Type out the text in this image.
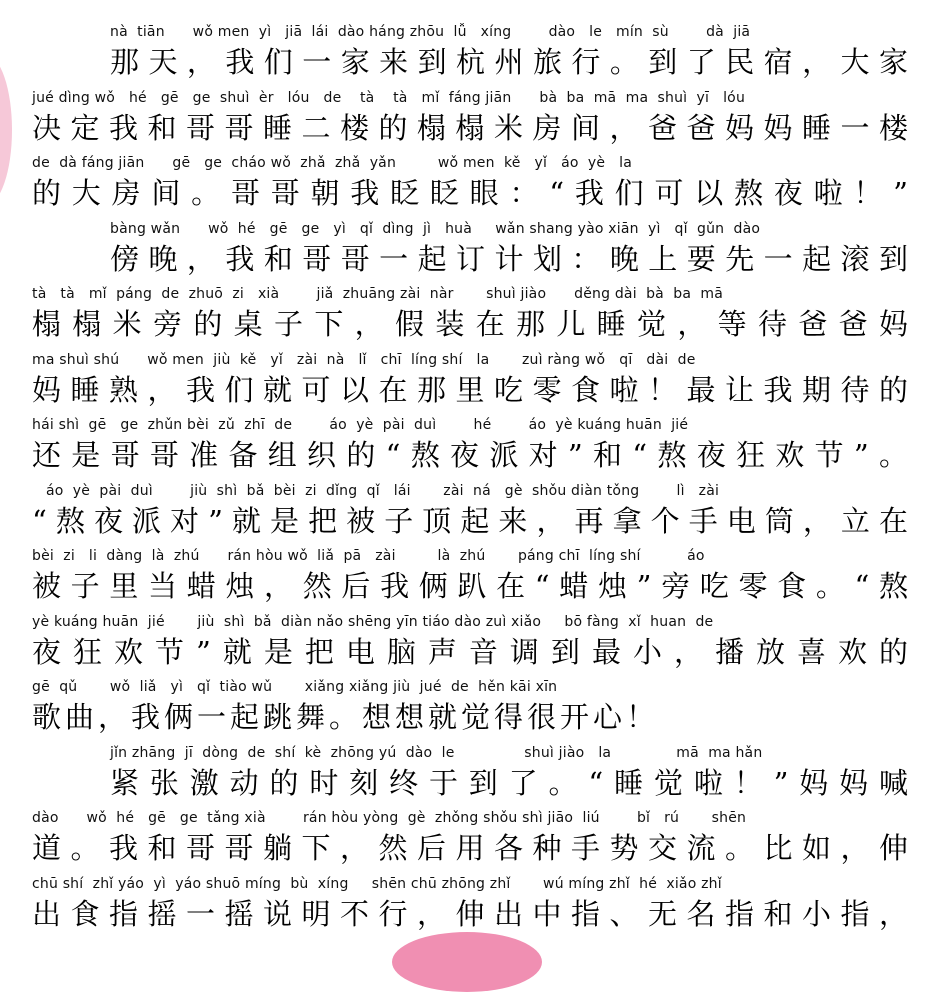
nà  tiān      wǒ men  yì   jiā  lái  dào háng zhōu  lǚ   xíng        dào   le   mín  sù        dà  jiā
那天，我们一家来到杭州旅行。到了民宿，大家
jué dìng wǒ   hé   gē   ge  shuì  èr   lóu   de    tà    tà   mǐ  fáng jiān      bà  ba  mā  ma  shuì  yī   lóu
决定我和哥哥睡二楼的榻榻米房间，爸爸妈妈睡一楼
de  dà fáng jiān      gē   ge  cháo wǒ  zhǎ  zhǎ  yǎn         wǒ men  kě   yǐ   áo  yè   la
的大房间。哥哥朝我眨眨眼：“我们可以熬夜啦！”
bàng wǎn      wǒ  hé   gē   ge   yì   qǐ  dìng  jì   huà     wǎn shang yào xiān  yì   qǐ  gǔn  dào
傍晚，我和哥哥一起订计划：晚上要先一起滚到
tà   tà   mǐ  páng  de  zhuō  zi   xià        jiǎ  zhuāng zài  nàr       shuì jiào      děng dài  bà  ba  mā
榻榻米旁的桌子下，假装在那儿睡觉，等待爸爸妈
ma shuì shú      wǒ men  jiù  kě   yǐ   zài  nà   lǐ   chī  líng shí   la       zuì ràng wǒ   qī   dài  de
妈睡熟，我们就可以在那里吃零食啦！最让我期待的
hái shì  gē   ge  zhǔn bèi  zǔ  zhī  de        áo  yè  pài  duì        hé        áo  yè kuáng huān  jié
还是哥哥准备组织的“熬夜派对”和“熬夜狂欢节”。
áo  yè  pài  duì        jiù  shì  bǎ  bèi  zi  dǐng  qǐ   lái       zài  ná   gè  shǒu diàn tǒng        lì   zài
“熬夜派对”就是把被子顶起来，再拿个手电筒，立在
bèi  zi   li  dàng  là  zhú      rán hòu wǒ  liǎ  pā   zài         là  zhú       páng chī  líng shí          áo
被子里当蜡烛，然后我俩趴在“蜡烛”旁吃零食。“熬
yè kuáng huān  jié       jiù  shì  bǎ  diàn nǎo shēng yīn tiáo dào zuì xiǎo     bō fàng  xǐ  huan  de
夜狂欢节”就是把电脑声音调到最小，播放喜欢的
gē  qǔ       wǒ  liǎ   yì   qǐ  tiào wǔ       xiǎng xiǎng jiù  jué  de  hěn kāi xīn
歌曲，我俩一起跳舞。想想就觉得很开心！
jǐn zhāng  jī  dòng  de  shí  kè  zhōng yú  dào  le               shuì jiào   la              mā  ma hǎn
紧张激动的时刻终于到了。“睡觉啦！”妈妈喊
dào      wǒ  hé   gē   ge  tǎng xià        rán hòu yòng  gè  zhǒng shǒu shì jiāo  liú        bǐ   rú       shēn
道。我和哥哥躺下，然后用各种手势交流。比如，伸
chū shí  zhǐ yáo  yì  yáo shuō míng  bù  xíng     shēn chū zhōng zhǐ       wú míng zhǐ  hé  xiǎo zhǐ
出食指摇一摇说明不行，伸出中指、无名指和小指，
